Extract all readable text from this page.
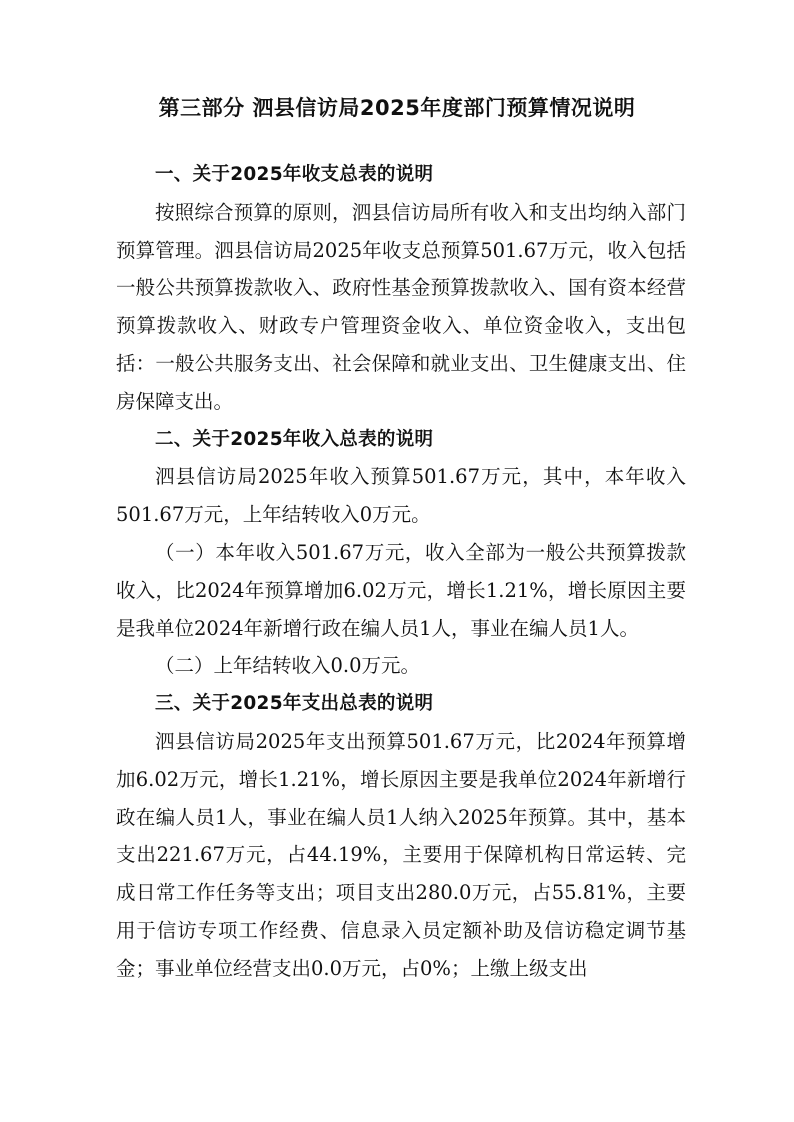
第三部分 泗县信访局2025年度部门预算情况说明

一、关于2025年收支总表的说明

按照综合预算的原则，泗县信访局所有收入和支出均纳入部门预算管理。泗县信访局2025年收支总预算501.67万元，收入包括一般公共预算拨款收入、政府性基金预算拨款收入、国有资本经营预算拨款收入、财政专户管理资金收入、单位资金收入，支出包括：一般公共服务支出、社会保障和就业支出、卫生健康支出、住房保障支出。

二、关于2025年收入总表的说明

泗县信访局2025年收入预算501.67万元，其中，本年收入501.67万元，上年结转收入0万元。

（一）本年收入501.67万元，收入全部为一般公共预算拨款收入，比2024年预算增加6.02万元，增长1.21%，增长原因主要是我单位2024年新增行政在编人员1人，事业在编人员1人。

（二）上年结转收入0.0万元。

三、关于2025年支出总表的说明

泗县信访局2025年支出预算501.67万元，比2024年预算增加6.02万元，增长1.21%，增长原因主要是我单位2024年新增行政在编人员1人，事业在编人员1人纳入2025年预算。其中，基本支出221.67万元，占44.19%，主要用于保障机构日常运转、完成日常工作任务等支出；项目支出280.0万元，占55.81%，主要用于信访专项工作经费、信息录入员定额补助及信访稳定调节基金；事业单位经营支出0.0万元，占0%；上缴上级支出
